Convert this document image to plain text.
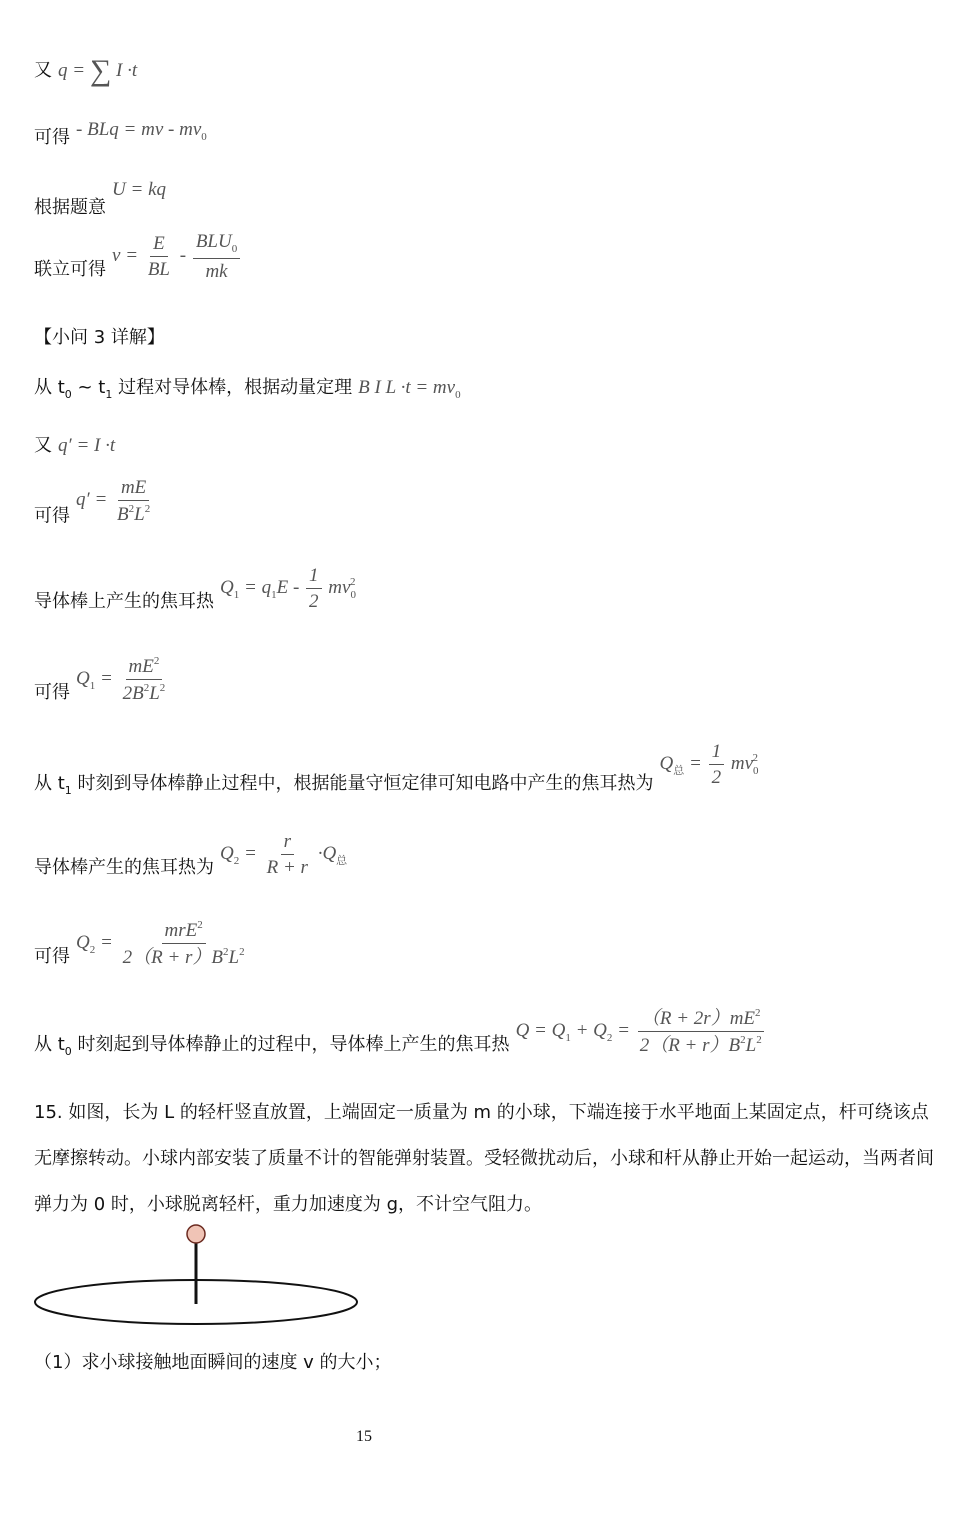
又 q = ∑ I ·t
可得 - BLq = mv - $mv_0$
根据题意 U = kq
联立可得 $v = \frac{E}{BL} - \frac{BLU_0}{mk}$
【小问 3 详解】
从 $t_0$ ~ $t_1$ 过程对导体棒，根据动量定理 B I $L \cdot t = mv_0$
又 q′ = I ·t
可得 $q' = \frac{mE}{B^2L^2}$
导体棒上产生的焦耳热 $Q_1 = q_1E - \frac{1}{2} mv_0^2$
可得 $Q_1 = \frac{mE^2}{2B^2L^2}$
从 $t_1$ 时刻到导体棒静止过程中，根据能量守恒定律可知电路中产生的焦耳热为 $Q_总 = \frac{1}{2} mv_0^2$
导体棒产生的焦耳热为 $Q_2 = \frac{r}{R + r} \cdot Q_总$
可得 $Q_2 = \frac{mrE^2}{2(R + r)B^2L^2}$
从 $t_0$ 时刻起到导体棒静止的过程中，导体棒上产生的焦耳热 $Q = Q_1 + Q_2 = \frac{(R + 2r)mE^2}{2(R + r)B^2L^2}$
15. 如图，长为 L 的轻杆竖直放置，上端固定一质量为 m 的小球，下端连接于水平地面上某固定点，杆可绕该点无摩擦转动。小球内部安装了质量不计的智能弹射装置。受轻微扰动后，小球和杆从静止开始一起运动，当两者间弹力为 0 时，小球脱离轻杆，重力加速度为 g，不计空气阻力。
（1）求小球接触地面瞬间的速度 v 的大小；
15
